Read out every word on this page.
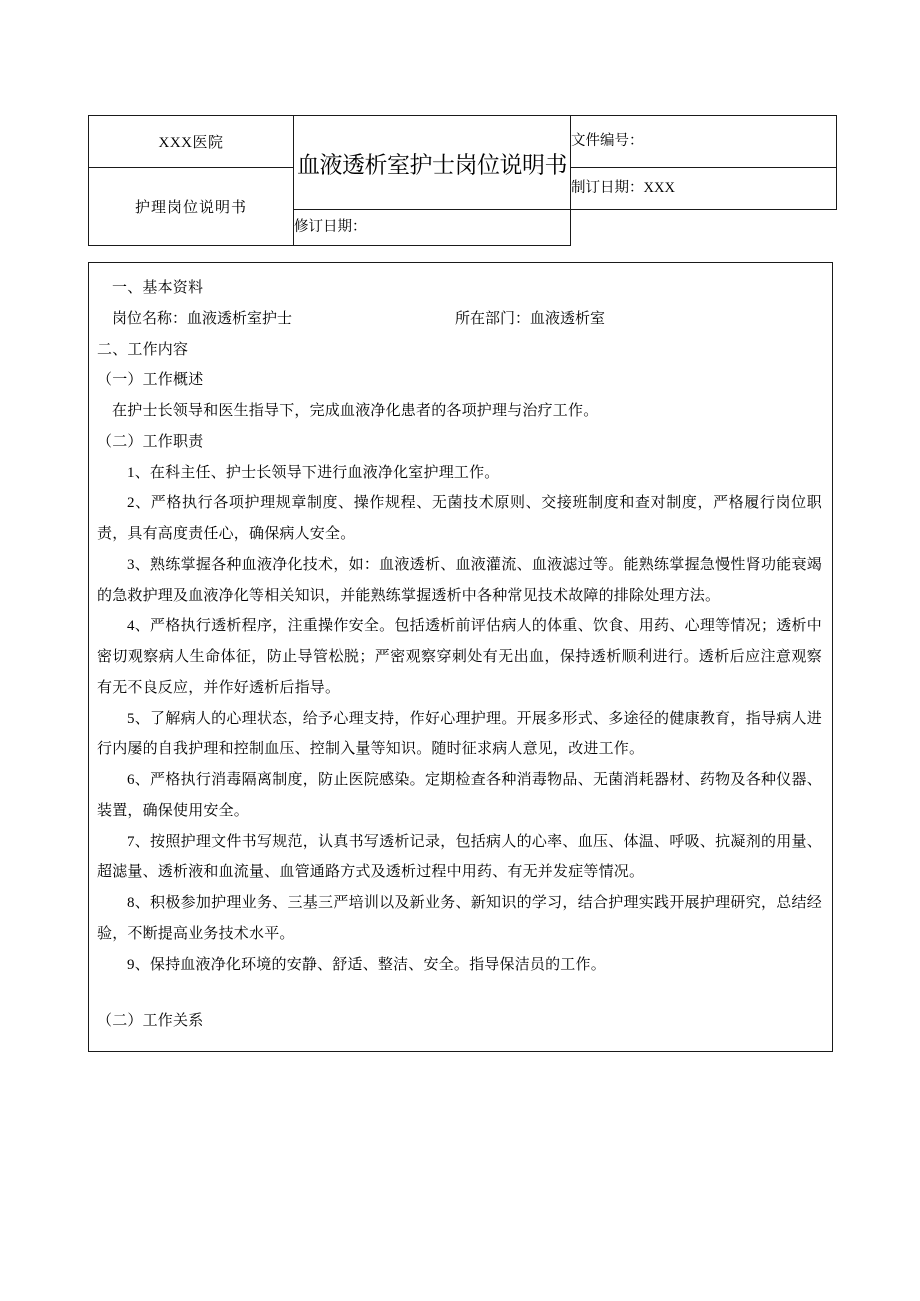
XXX医院	血液透析室护士岗位说明书	文件编号：
护理岗位说明书		制订日期：XXX
	修订日期：	

一、基本资料

岗位名称：血液透析室护士	所在部门：血液透析室

二、工作内容

（一）工作概述

在护士长领导和医生指导下，完成血液净化患者的各项护理与治疗工作。

（二）工作职责

1、在科主任、护士长领导下进行血液净化室护理工作。

2、严格执行各项护理规章制度、操作规程、无菌技术原则、交接班制度和查对制度，严格履行岗位职责，具有高度责任心，确保病人安全。

3、熟练掌握各种血液净化技术，如：血液透析、血液灌流、血液滤过等。能熟练掌握急慢性肾功能衰竭的急救护理及血液净化等相关知识，并能熟练掌握透析中各种常见技术故障的排除处理方法。

4、严格执行透析程序，注重操作安全。包括透析前评估病人的体重、饮食、用药、心理等情况；透析中密切观察病人生命体征，防止导管松脱；严密观察穿刺处有无出血，保持透析顺利进行。透析后应注意观察有无不良反应，并作好透析后指导。

5、了解病人的心理状态，给予心理支持，作好心理护理。开展多形式、多途径的健康教育，指导病人进行内屡的自我护理和控制血压、控制入量等知识。随时征求病人意见，改进工作。

6、严格执行消毒隔离制度，防止医院感染。定期检查各种消毒物品、无菌消耗器材、药物及各种仪器、装置，确保使用安全。

7、按照护理文件书写规范，认真书写透析记录，包括病人的心率、血压、体温、呼吸、抗凝剂的用量、超滤量、透析液和血流量、血管通路方式及透析过程中用药、有无并发症等情况。

8、积极参加护理业务、三基三严培训以及新业务、新知识的学习，结合护理实践开展护理研究，总结经验，不断提高业务技术水平。

9、保持血液净化环境的安静、舒适、整洁、安全。指导保洁员的工作。

（二）工作关系
